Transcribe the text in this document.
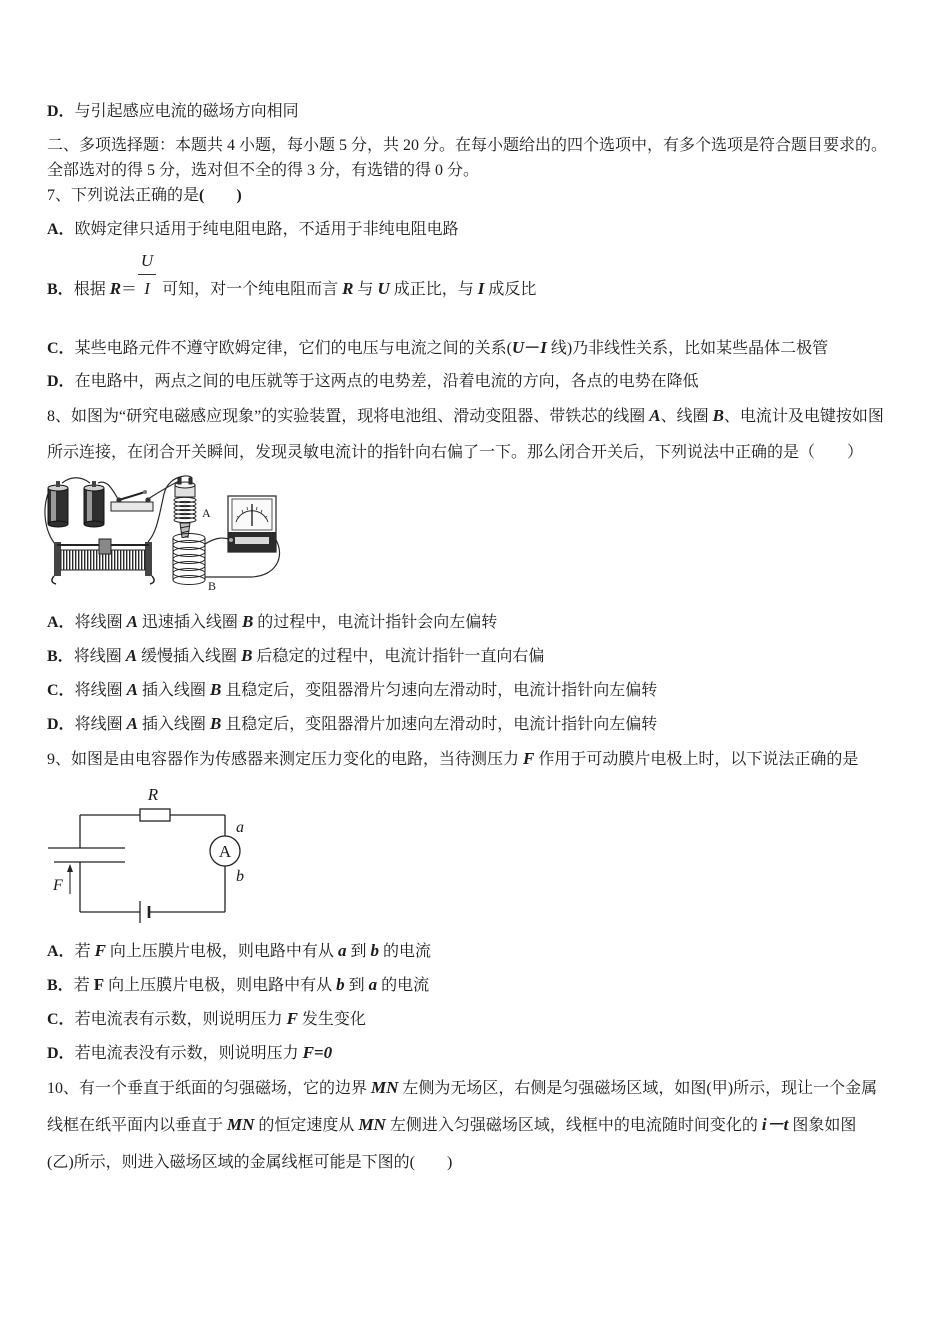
D．与引起感应电流的磁场方向相同
二、多项选择题：本题共 4 小题，每小题 5 分，共 20 分。在每小题给出的四个选项中，有多个选项是符合题目要求的。
全部选对的得 5 分，选对但不全的得 3 分，有选错的得 0 分。
7、下列说法正确的是(　　)
A．欧姆定律只适用于纯电阻电路，不适用于非纯电阻电路
B．根据 $R= \frac{U}{I}$ 可知，对一个纯电阻而言 R 与 U 成正比，与 I 成反比
C．某些电路元件不遵守欧姆定律，它们的电压与电流之间的关系(U－I 线)乃非线性关系，比如某些晶体二极管
D．在电路中，两点之间的电压就等于这两点的电势差，沿着电流的方向，各点的电势在降低
8、如图为“研究电磁感应现象”的实验装置，现将电池组、滑动变阻器、带铁芯的线圈 A、线圈 B、电流计及电键按如图
所示连接，在闭合开关瞬间，发现灵敏电流计的指针向右偏了一下。那么闭合开关后，下列说法中正确的是（　　）
A
B
A．将线圈 A 迅速插入线圈 B 的过程中，电流计指针会向左偏转
B．将线圈 A 缓慢插入线圈 B 后稳定的过程中，电流计指针一直向右偏
C．将线圈 A 插入线圈 B 且稳定后，变阻器滑片匀速向左滑动时，电流计指针向左偏转
D．将线圈 A 插入线圈 B 且稳定后，变阻器滑片加速向左滑动时，电流计指针向左偏转
9、如图是由电容器作为传感器来测定压力变化的电路，当待测压力 F 作用于可动膜片电极上时，以下说法正确的是
A
R
a
b
F
A．若 F 向上压膜片电极，则电路中有从 a 到 b 的电流
B．若 F 向上压膜片电极，则电路中有从 b 到 a 的电流
C．若电流表有示数，则说明压力 F 发生变化
D．若电流表没有示数，则说明压力 F=0
10、有一个垂直于纸面的匀强磁场，它的边界 MN 左侧为无场区，右侧是匀强磁场区域，如图(甲)所示，现让一个金属
线框在纸平面内以垂直于 MN 的恒定速度从 MN 左侧进入匀强磁场区域，线框中的电流随时间变化的 i－t 图象如图
(乙)所示，则进入磁场区域的金属线框可能是下图的(　　)
